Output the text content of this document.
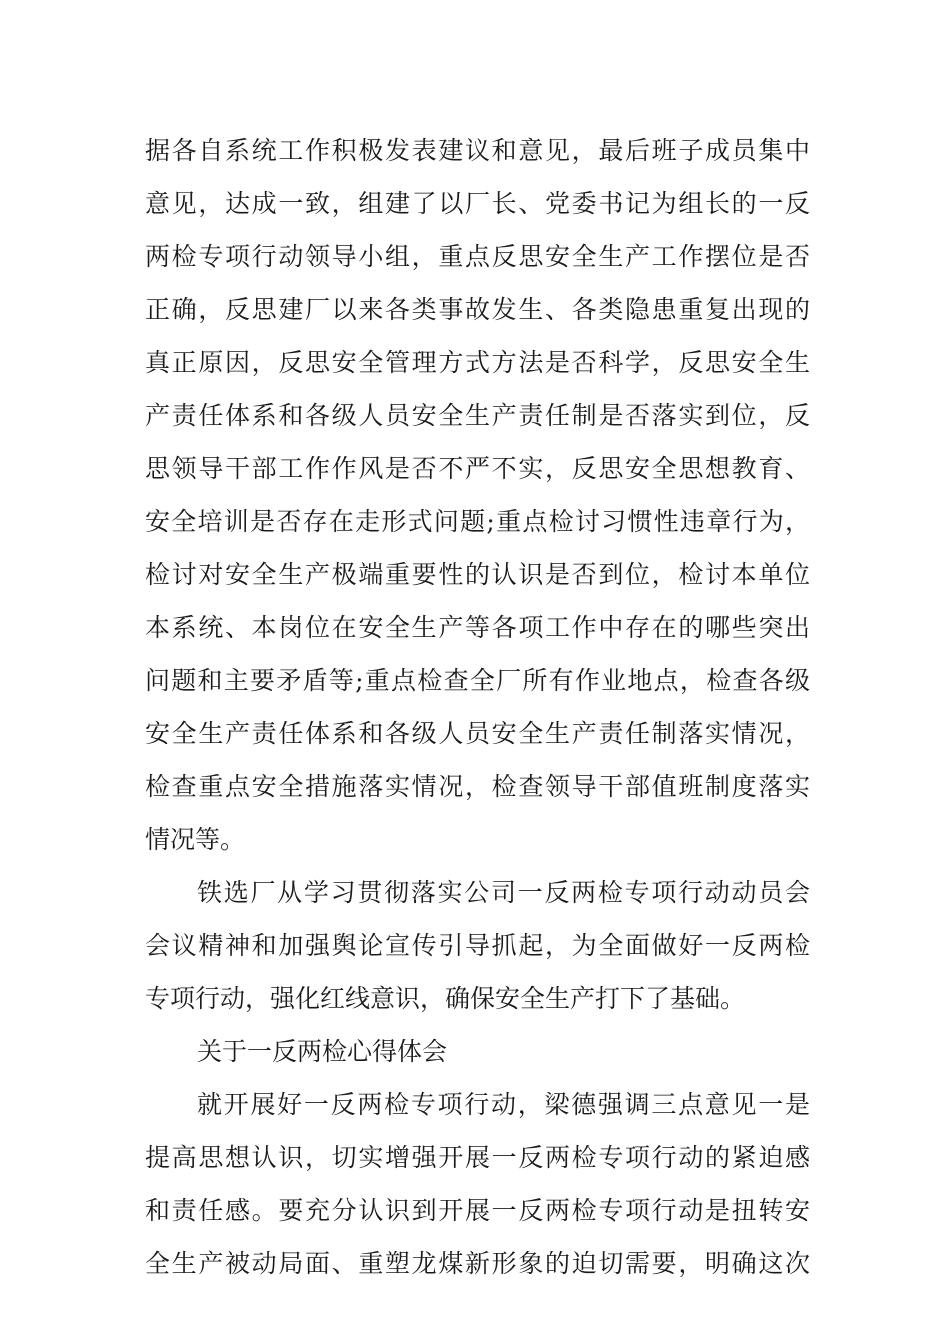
据各自系统工作积极发表建议和意见，最后班子成员集中
意见，达成一致，组建了以厂长、党委书记为组长的一反
两检专项行动领导小组，重点反思安全生产工作摆位是否
正确，反思建厂以来各类事故发生、各类隐患重复出现的
真正原因，反思安全管理方式方法是否科学，反思安全生
产责任体系和各级人员安全生产责任制是否落实到位，反
思领导干部工作作风是否不严不实，反思安全思想教育、
安全培训是否存在走形式问题;重点检讨习惯性违章行为，
检讨对安全生产极端重要性的认识是否到位，检讨本单位
本系统、本岗位在安全生产等各项工作中存在的哪些突出
问题和主要矛盾等;重点检查全厂所有作业地点，检查各级
安全生产责任体系和各级人员安全生产责任制落实情况，
检查重点安全措施落实情况，检查领导干部值班制度落实
情况等。
铁选厂从学习贯彻落实公司一反两检专项行动动员会
会议精神和加强舆论宣传引导抓起，为全面做好一反两检
专项行动，强化红线意识，确保安全生产打下了基础。
关于一反两检心得体会
就开展好一反两检专项行动，梁德强调三点意见一是
提高思想认识，切实增强开展一反两检专项行动的紧迫感
和责任感。要充分认识到开展一反两检专项行动是扭转安
全生产被动局面、重塑龙煤新形象的迫切需要，明确这次
